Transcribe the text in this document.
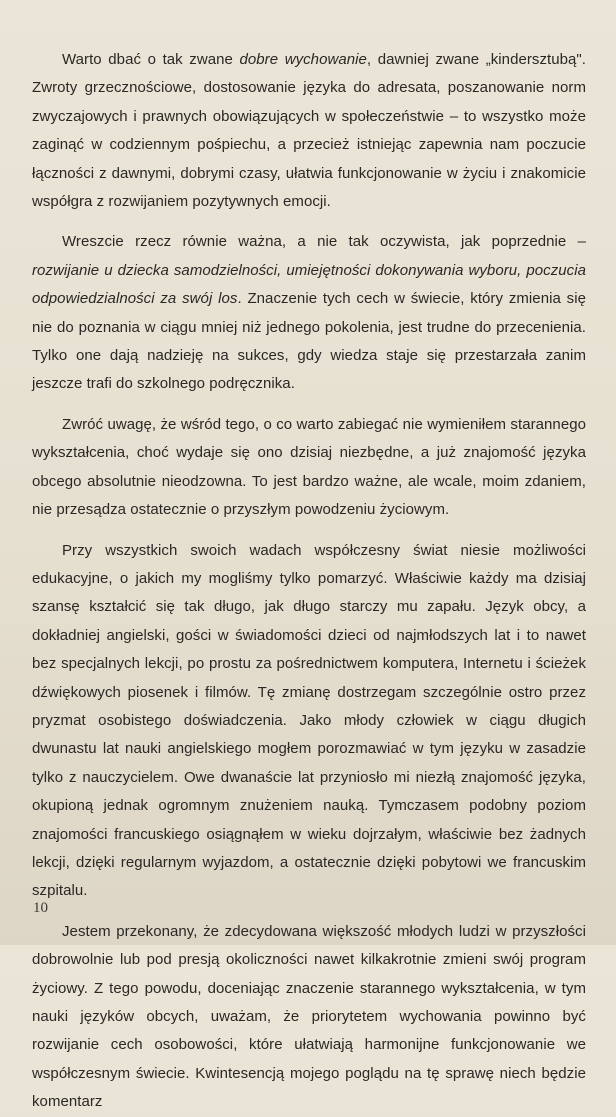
Warto dbać o tak zwane dobre wychowanie, dawniej zwane „kindersztubą". Zwroty grzecznościowe, dostosowanie języka do adresata, poszanowanie norm zwyczajowych i prawnych obowiązujących w społeczeństwie – to wszystko może zaginąć w codziennym pośpiechu, a przecież istniejąc zapewnia nam poczucie łączności z dawnymi, dobrymi czasy, ułatwia funkcjonowanie w życiu i znakomicie współgra z rozwijaniem pozytywnych emocji.

Wreszcie rzecz równie ważna, a nie tak oczywista, jak poprzednie – rozwijanie u dziecka samodzielności, umiejętności dokonywania wyboru, poczucia odpowiedzialności za swój los. Znaczenie tych cech w świecie, który zmienia się nie do poznania w ciągu mniej niż jednego pokolenia, jest trudne do przecenienia. Tylko one dają nadzieję na sukces, gdy wiedza staje się przestarzała zanim jeszcze trafi do szkolnego podręcznika.

Zwróć uwagę, że wśród tego, o co warto zabiegać nie wymieniłem starannego wykształcenia, choć wydaje się ono dzisiaj niezbędne, a już znajomość języka obcego absolutnie nieodzowna. To jest bardzo ważne, ale wcale, moim zdaniem, nie przesądza ostatecznie o przyszłym powodzeniu życiowym.

Przy wszystkich swoich wadach współczesny świat niesie możliwości edukacyjne, o jakich my mogliśmy tylko pomarzyć. Właściwie każdy ma dzisiaj szansę kształcić się tak długo, jak długo starczy mu zapału. Język obcy, a dokładniej angielski, gości w świadomości dzieci od najmłodszych lat i to nawet bez specjalnych lekcji, po prostu za pośrednictwem komputera, Internetu i ścieżek dźwiękowych piosenek i filmów. Tę zmianę dostrzegam szczególnie ostro przez pryzmat osobistego doświadczenia. Jako młody człowiek w ciągu długich dwunastu lat nauki angielskiego mogłem porozmawiać w tym języku w zasadzie tylko z nauczycielem. Owe dwanaście lat przyniosło mi niezłą znajomość języka, okupioną jednak ogromnym znużeniem nauką. Tymczasem podobny poziom znajomości francuskiego osiągnąłem w wieku dojrzałym, właściwie bez żadnych lekcji, dzięki regularnym wyjazdom, a ostatecznie dzięki pobytowi we francuskim szpitalu.

Jestem przekonany, że zdecydowana większość młodych ludzi w przyszłości dobrowolnie lub pod presją okoliczności nawet kilkakrotnie zmieni swój program życiowy. Z tego powodu, doceniając znaczenie starannego wykształcenia, w tym nauki języków obcych, uważam, że priorytetem wychowania powinno być rozwijanie cech osobowości, które ułatwiają harmonijne funkcjonowanie we współczesnym świecie. Kwintesencją mojego poglądu na tę sprawę niech będzie komentarz

10
